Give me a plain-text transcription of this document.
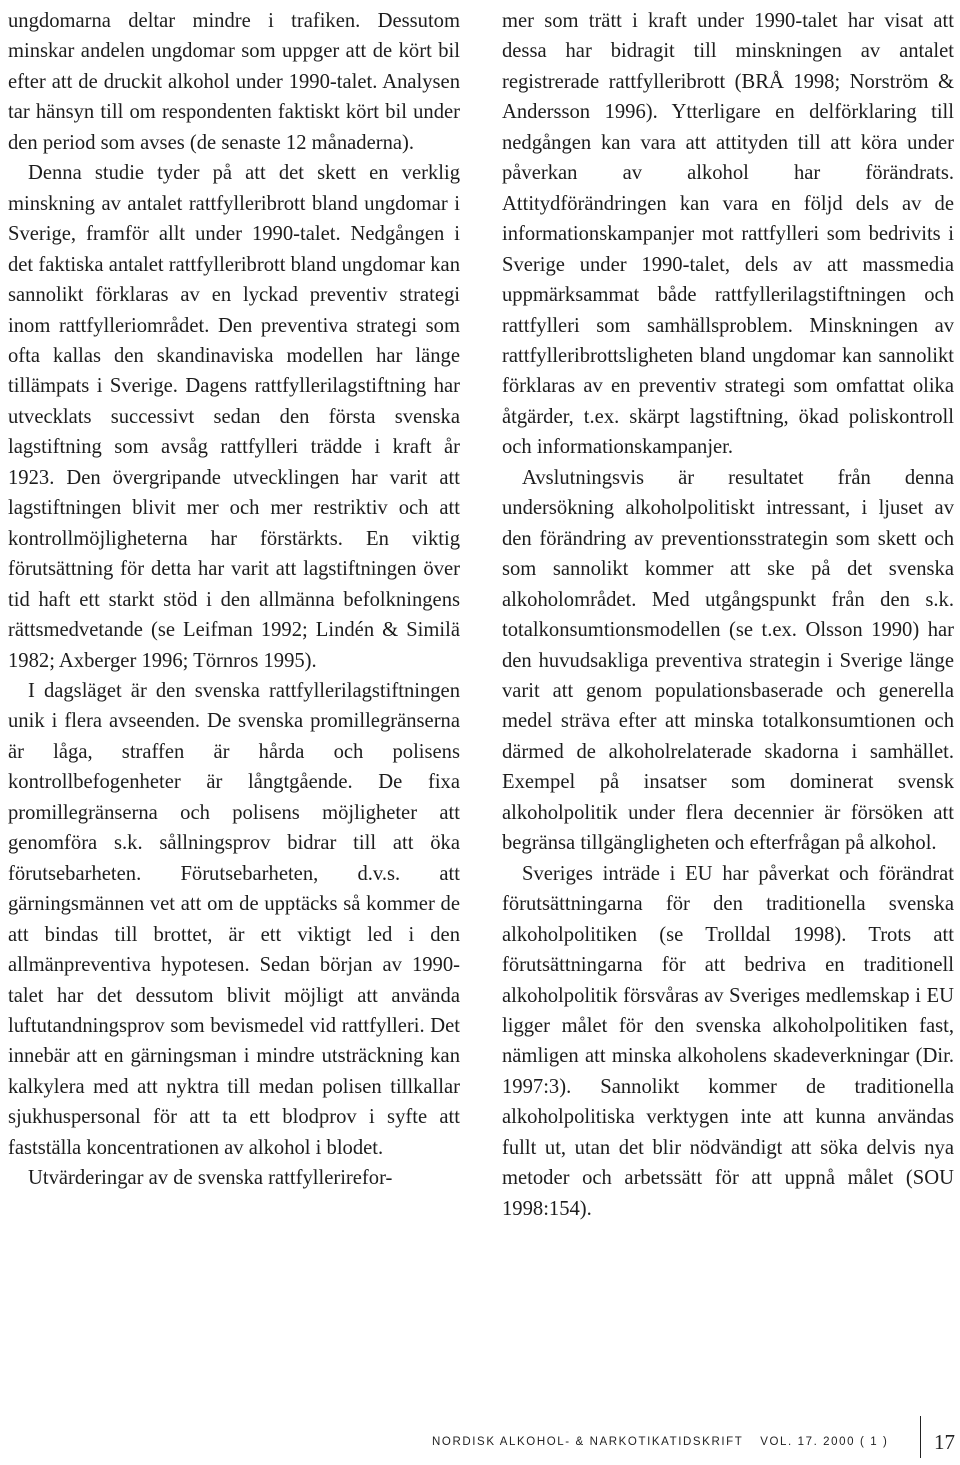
ungdomarna deltar mindre i trafiken. Dessutom minskar andelen ungdomar som uppger att de kört bil efter att de druckit alkohol under 1990-talet. Analysen tar hänsyn till om respondenten faktiskt kört bil under den period som avses (de senaste 12 månaderna).

Denna studie tyder på att det skett en verklig minskning av antalet rattfylleribrott bland ungdomar i Sverige, framför allt under 1990-talet. Nedgången i det faktiska antalet rattfylleribrott bland ungdomar kan sannolikt förklaras av en lyckad preventiv strategi inom rattfylleriområdet. Den preventiva strategi som ofta kallas den skandinaviska modellen har länge tillämpats i Sverige. Dagens rattfyllerilagstiftning har utvecklats successivt sedan den första svenska lagstiftning som avsåg rattfylleri trädde i kraft år 1923. Den övergripande utvecklingen har varit att lagstiftningen blivit mer och mer restriktiv och att kontrollmöjligheterna har förstärkts. En viktig förutsättning för detta har varit att lagstiftningen över tid haft ett starkt stöd i den allmänna befolkningens rättsmedvetande (se Leifman 1992; Lindén & Similä 1982; Axberger 1996; Törnros 1995).

I dagsläget är den svenska rattfyllerilagstiftningen unik i flera avseenden. De svenska promillegränserna är låga, straffen är hårda och polisens kontrollbefogenheter är långtgående. De fixa promillegränserna och polisens möjligheter att genomföra s.k. sållningsprov bidrar till att öka förutsebarheten. Förutsebarheten, d.v.s. att gärningsmännen vet att om de upptäcks så kommer de att bindas till brottet, är ett viktigt led i den allmänpreventiva hypotesen. Sedan början av 1990-talet har det dessutom blivit möjligt att använda luftutandningsprov som bevismedel vid rattfylleri. Det innebär att en gärningsman i mindre utsträckning kan kalkylera med att nyktra till medan polisen tillkallar sjukhuspersonal för att ta ett blodprov i syfte att fastställa koncentrationen av alkohol i blodet.

Utvärderingar av de svenska rattfyllerirefor-

mer som trätt i kraft under 1990-talet har visat att dessa har bidragit till minskningen av antalet registrerade rattfylleribrott (BRÅ 1998; Norström & Andersson 1996). Ytterligare en delförklaring till nedgången kan vara att attityden till att köra under påverkan av alkohol har förändrats. Attitydförändringen kan vara en följd dels av de informationskampanjer mot rattfylleri som bedrivits i Sverige under 1990-talet, dels av att massmedia uppmärksammat både rattfyllerilagstiftningen och rattfylleri som samhällsproblem. Minskningen av rattfylleribrottsligheten bland ungdomar kan sannolikt förklaras av en preventiv strategi som omfattat olika åtgärder, t.ex. skärpt lagstiftning, ökad poliskontroll och informationskampanjer.

Avslutningsvis är resultatet från denna undersökning alkoholpolitiskt intressant, i ljuset av den förändring av preventionsstrategin som skett och som sannolikt kommer att ske på det svenska alkoholområdet. Med utgångspunkt från den s.k. totalkonsumtionsmodellen (se t.ex. Olsson 1990) har den huvudsakliga preventiva strategin i Sverige länge varit att genom populationsbaserade och generella medel sträva efter att minska totalkonsumtionen och därmed de alkoholrelaterade skadorna i samhället. Exempel på insatser som dominerat svensk alkoholpolitik under flera decennier är försöken att begränsa tillgängligheten och efterfrågan på alkohol.

Sveriges inträde i EU har påverkat och förändrat förutsättningarna för den traditionella svenska alkoholpolitiken (se Trolldal 1998). Trots att förutsättningarna för att bedriva en traditionell alkoholpolitik försvåras av Sveriges medlemskap i EU ligger målet för den svenska alkoholpolitiken fast, nämligen att minska alkoholens skadeverkningar (Dir. 1997:3). Sannolikt kommer de traditionella alkoholpolitiska verktygen inte att kunna användas fullt ut, utan det blir nödvändigt att söka delvis nya metoder och arbetssätt för att uppnå målet (SOU 1998:154).

NORDISK ALKOHOL- & NARKOTIKATIDSKRIFT VOL. 17. 2000 ( 1 )	17
